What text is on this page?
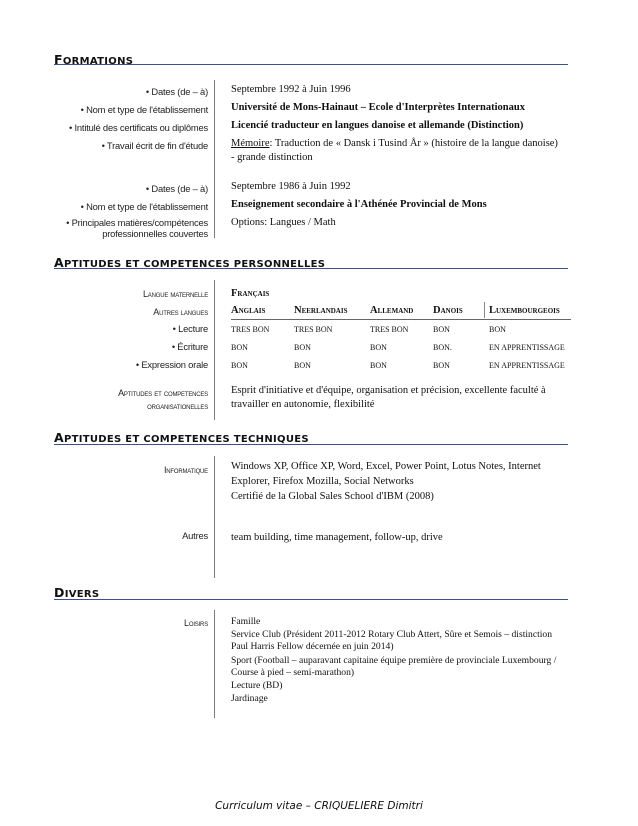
FORMATIONS
• Dates (de – à) Septembre 1992 à Juin 1996
• Nom et type de l'établissement Université de Mons-Hainaut – Ecole d'Interprètes Internationaux
• Intitulé des certificats ou diplômes Licencié traducteur en langues danoise et allemande (Distinction)
• Travail écrit de fin d'étude Mémoire: Traduction de « Dansk i Tusind År » (histoire de la langue danoise)
- grande distinction
• Dates (de – à) Septembre 1986 à Juin 1992
• Nom et type de l'établissement Enseignement secondaire à l'Athénée Provincial de Mons
• Principales matières/compétences
professionnelles couvertes
Options: Langues / Math
APTITUDES ET COMPETENCES PERSONNELLES
Langue maternelle Français
Autres langues Anglais	Neerlandais Allemand Danois Luxembourgeois
• Lecture	TRES BON	TRES BON	TRES BON	BON	BON
• Écriture	BON	BON	BON	BON.	EN APPRENTISSAGE
• Expression orale	BON	BON	BON	BON	EN APPRENTISSAGE
Aptitudes et competences
organisationelles
Esprit d'initiative et d'équipe, organisation et précision, excellente faculté à
travailler en autonomie, flexibilité
APTITUDES ET COMPETENCES TECHNIQUES
Informatique Windows XP, Office XP, Word, Excel, Power Point, Lotus Notes, Internet
Explorer, Firefox Mozilla, Social Networks
Certifié de la Global Sales School d'IBM (2008)
Autres team building, time management, follow-up, drive
DIVERS
Loisirs Famille
Service Club (Président 2011-2012 Rotary Club Attert, Sûre et Semois – distinction
Paul Harris Fellow décernée en juin 2014)
Sport (Football – auparavant capitaine équipe première de provinciale Luxembourg /
Course à pied – semi-marathon)
Lecture (BD)
Jardinage
Curriculum vitae – CRIQUELIERE Dimitri
